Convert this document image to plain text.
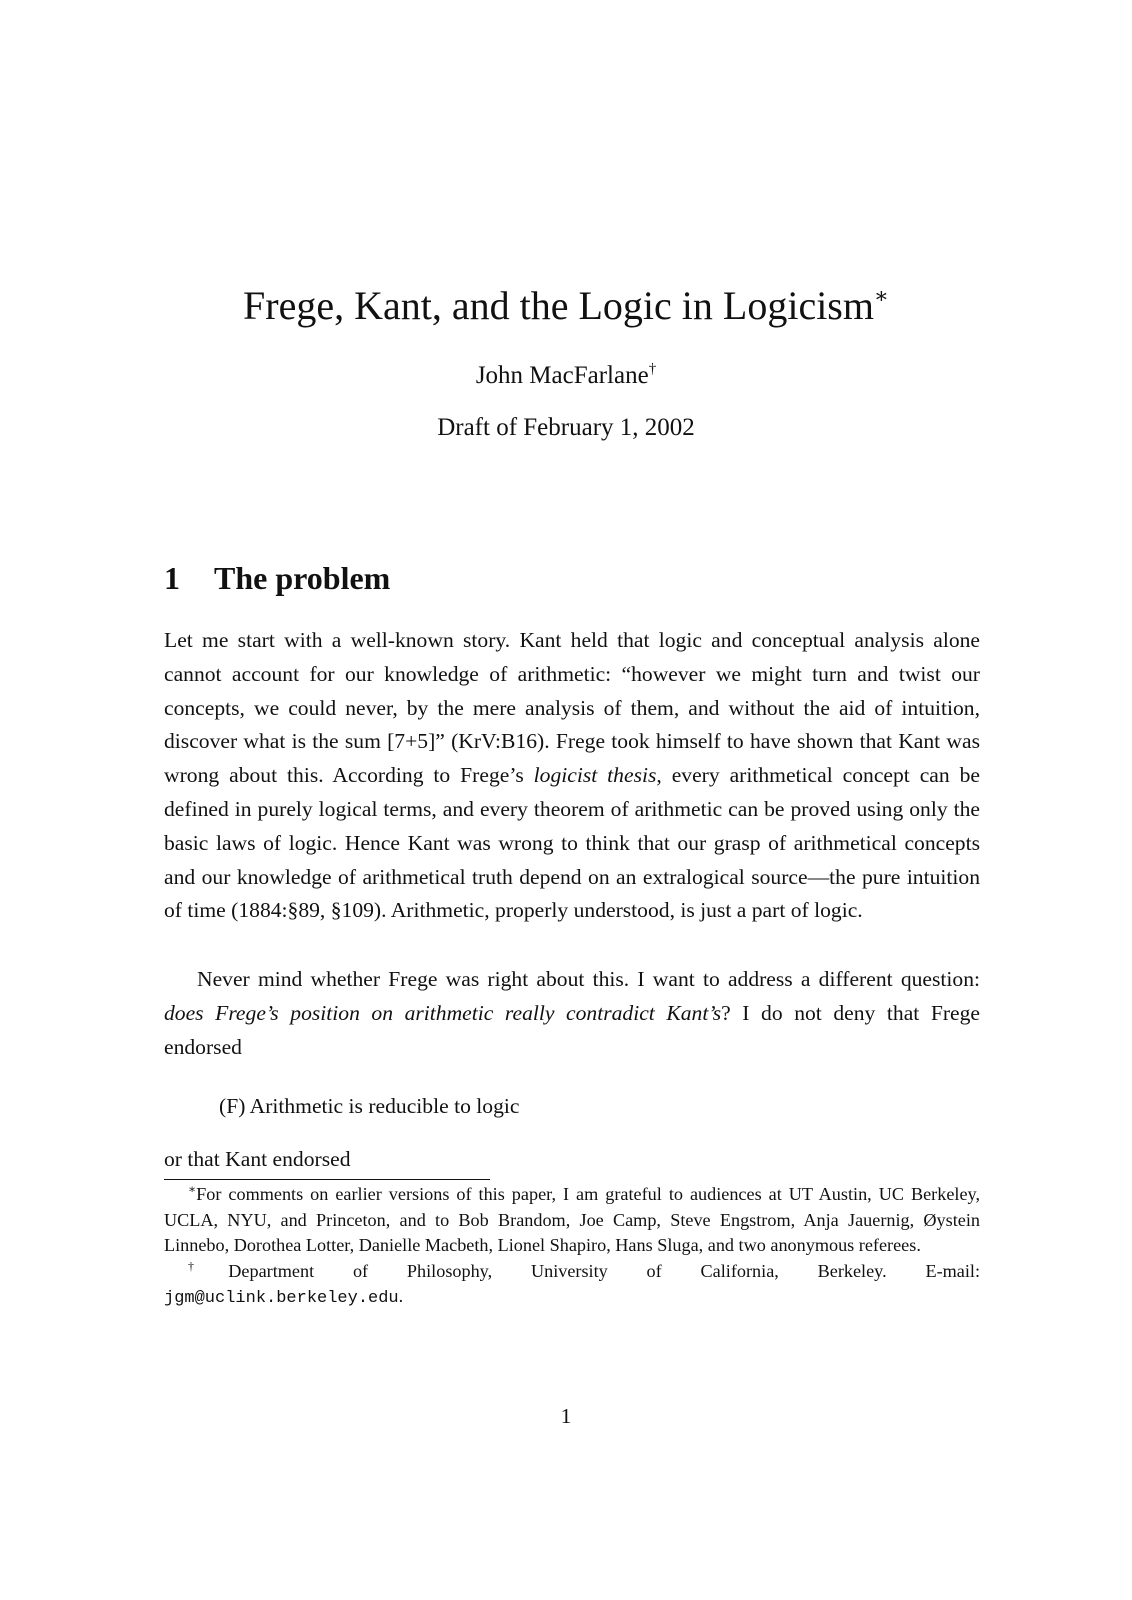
Frege, Kant, and the Logic in Logicism∗
John MacFarlane†
Draft of February 1, 2002
1 The problem
Let me start with a well-known story. Kant held that logic and conceptual analysis alone cannot account for our knowledge of arithmetic: “however we might turn and twist our concepts, we could never, by the mere analysis of them, and without the aid of intuition, discover what is the sum [7+5]” (KrV:B16). Frege took himself to have shown that Kant was wrong about this. According to Frege’s logicist thesis, every arithmetical concept can be defined in purely logical terms, and every theorem of arithmetic can be proved using only the basic laws of logic. Hence Kant was wrong to think that our grasp of arithmetical concepts and our knowledge of arithmetical truth depend on an extralogical source—the pure intuition of time (1884:§89, §109). Arithmetic, properly understood, is just a part of logic.
Never mind whether Frege was right about this. I want to address a different question: does Frege’s position on arithmetic really contradict Kant’s? I do not deny that Frege endorsed
(F) Arithmetic is reducible to logic
or that Kant endorsed

∗For comments on earlier versions of this paper, I am grateful to audiences at UT Austin, UC Berkeley, UCLA, NYU, and Princeton, and to Bob Brandom, Joe Camp, Steve Engstrom, Anja Jauernig, Øystein Linnebo, Dorothea Lotter, Danielle Macbeth, Lionel Shapiro, Hans Sluga, and two anonymous referees.

†Department of Philosophy, University of California, Berkeley. E-mail:

jgm@uclink.berkeley.edu.

1
